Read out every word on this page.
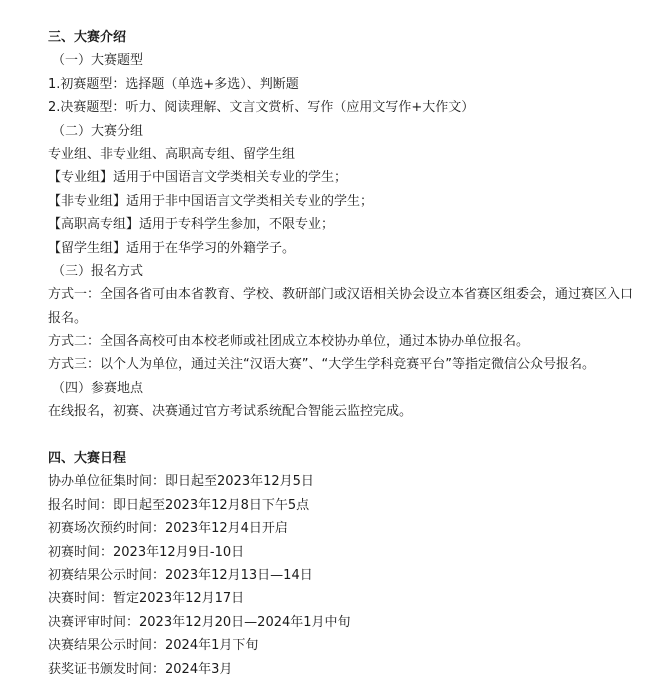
三、大赛介绍
（一）大赛题型
1.初赛题型：选择题（单选+多选）、判断题
2.决赛题型：听力、阅读理解、文言文赏析、写作（应用文写作+大作文）
（二）大赛分组
专业组、非专业组、高职高专组、留学生组
【专业组】适用于中国语言文学类相关专业的学生；
【非专业组】适用于非中国语言文学类相关专业的学生；
【高职高专组】适用于专科学生参加，不限专业；
【留学生组】适用于在华学习的外籍学子。
（三）报名方式
方式一：全国各省可由本省教育、学校、教研部门或汉语相关协会设立本省赛区组委会，通过赛区入口
报名。
方式二：全国各高校可由本校老师或社团成立本校协办单位，通过本协办单位报名。
方式三：以个人为单位，通过关注“汉语大赛”、“大学生学科竞赛平台”等指定微信公众号报名。
（四）参赛地点
在线报名，初赛、决赛通过官方考试系统配合智能云监控完成。
四、大赛日程
协办单位征集时间：即日起至2023年12月5日
报名时间：即日起至2023年12月8日下午5点
初赛场次预约时间：2023年12月4日开启
初赛时间：2023年12月9日-10日
初赛结果公示时间：2023年12月13日—14日
决赛时间：暂定2023年12月17日
决赛评审时间：2023年12月20日—2024年1月中旬
决赛结果公示时间：2024年1月下旬
获奖证书颁发时间：2024年3月
